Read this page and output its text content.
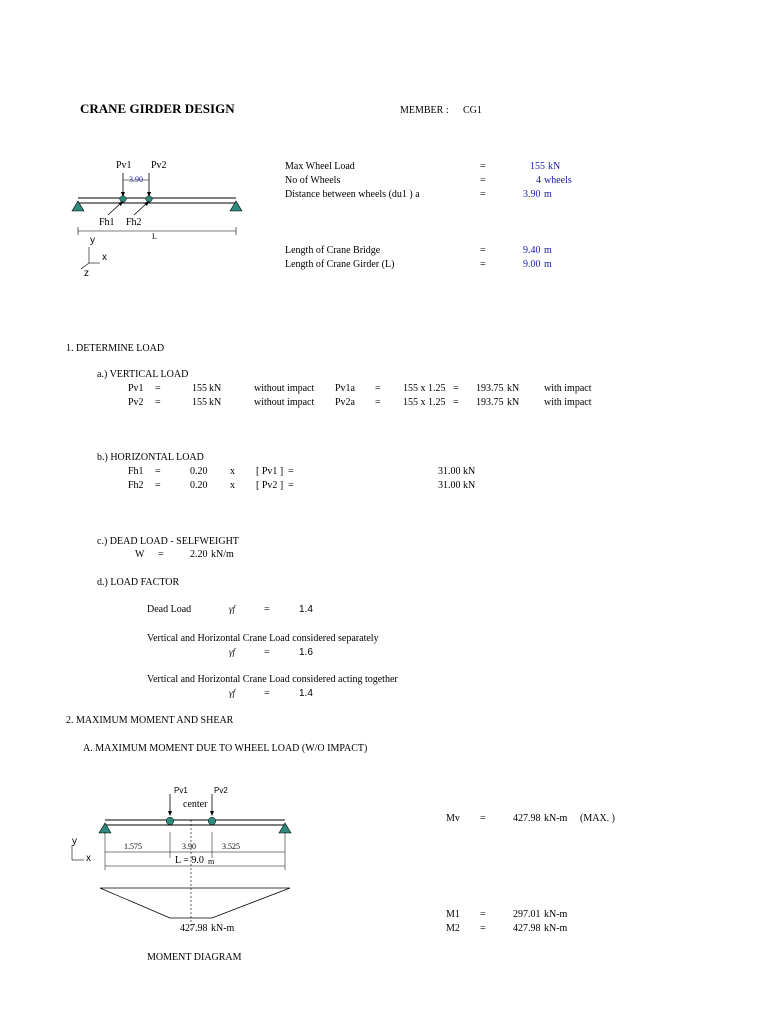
CRANE GIRDER DESIGN	MEMBER : CG1
Pv1 Pv2
3.90
Fh1 Fh2
L
y
x
z
Max Wheel Load	=	155 kN
No of Wheels	=	4 wheels
Distance between wheels (du1 ) a	=	3.90 m
Length of Crane Bridge	=	9.40 m
Length of Crane Girder (L)	=	9.00 m
1. DETERMINE LOAD
a.) VERTICAL LOAD
Pv1 =	155 kN	without impact Pv1a = 155 x 1.25 = 193.75 kN with impact
Pv2 =	155 kN	without impact Pv2a = 155 x 1.25 = 193.75 kN with impact
b.) HORIZONTAL LOAD
Fh1 =	0.20 x [ Pv1 ] =	31.00 kN
Fh2 =	0.20 x [ Pv2 ] =	31.00 kN
c.) DEAD LOAD - SELFWEIGHT
W =	2.20 kN/m
d.) LOAD FACTOR
Dead Load	γf	=	1.4
Vertical and Horizontal Crane Load considered separately
γf	=	1.6
Vertical and Horizontal Crane Load considered acting together
γf	=	1.4
2. MAXIMUM MOMENT AND SHEAR
A. MAXIMUM MOMENT DUE TO WHEEL LOAD (W/O IMPACT)
Pv1	Pv2
center
1.575	3.90	3.525
L = 9.0 m
y
x
427.98 kN-m
MOMENT DIAGRAM
Mv =	427.98 kN-m (MAX. )
M1 =	297.01 kN-m
M2 =	427.98 kN-m
